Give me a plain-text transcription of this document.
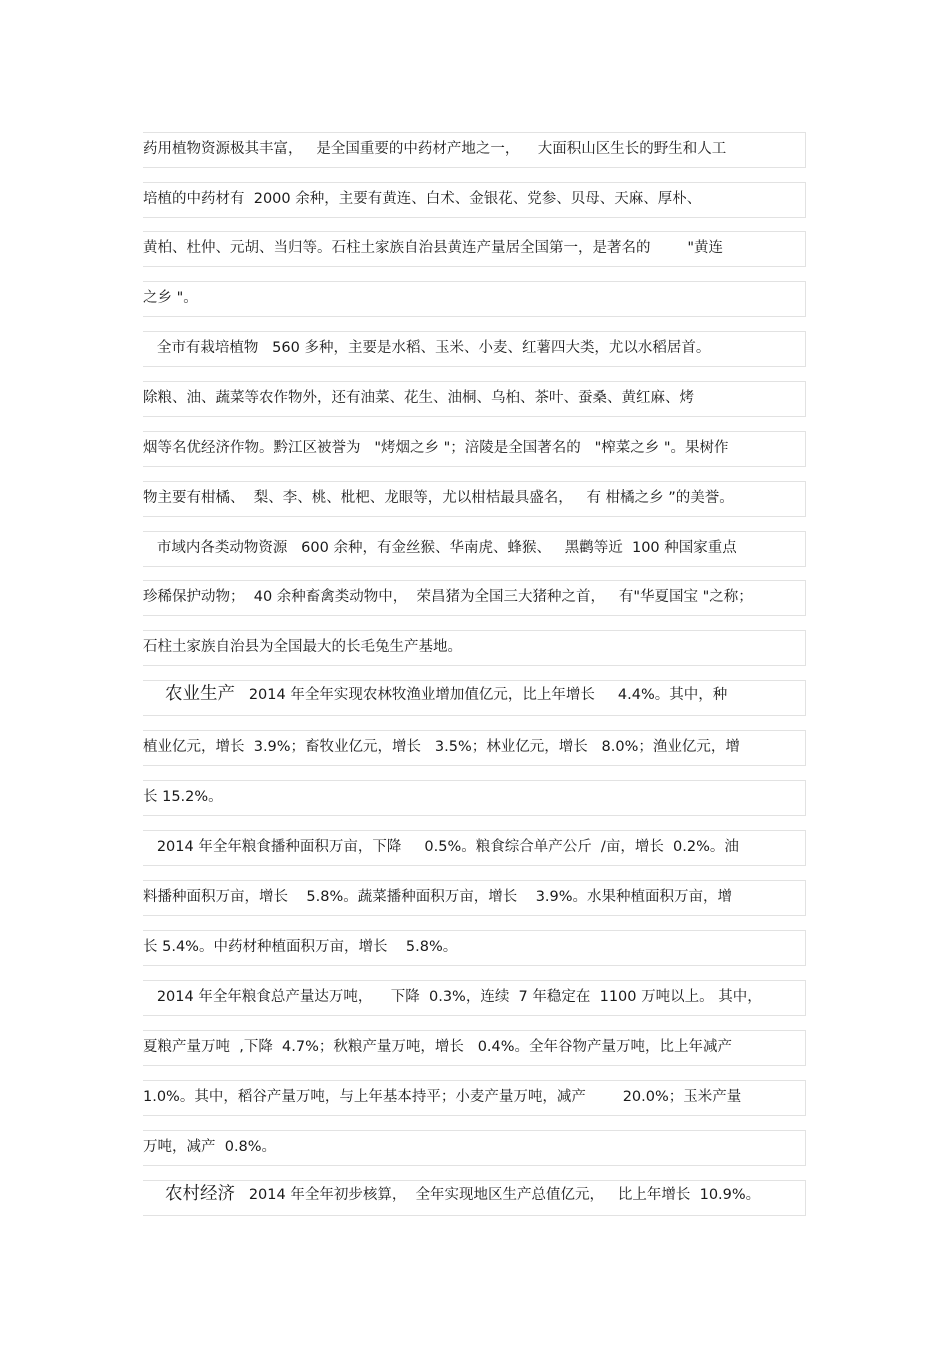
药用植物资源极其丰富，   是全国重要的中药材产地之一，    大面积山区生长的野生和人工
培植的中药材有  2000 余种，主要有黄连、白术、金银花、党参、贝母、天麻、厚朴、
黄柏、杜仲、元胡、当归等。石柱土家族自治县黄连产量居全国第一，是著名的        "黄连
之乡 "。
全市有栽培植物   560 多种，主要是水稻、玉米、小麦、红薯四大类，尤以水稻居首。
除粮、油、蔬菜等农作物外，还有油菜、花生、油桐、乌桕、茶叶、蚕桑、黄红麻、烤
烟等名优经济作物。黔江区被誉为   "烤烟之乡 "；涪陵是全国著名的   "榨菜之乡 "。果树作
物主要有柑橘、  梨、李、桃、枇杷、龙眼等，尤以柑桔最具盛名，   有 柑橘之乡 ”的美誉。
市域内各类动物资源   600 余种，有金丝猴、华南虎、蜂猴、   黑鹳等近  100 种国家重点
珍稀保护动物；  40 余种畜禽类动物中，  荣昌猪为全国三大猪种之首，   有"华夏国宝 "之称；
石柱土家族自治县为全国最大的长毛兔生产基地。
农业生产   2014 年全年实现农林牧渔业增加值亿元，比上年增长     4.4%。其中，种
植业亿元，增长  3.9%；畜牧业亿元，增长   3.5%；林业亿元，增长   8.0%；渔业亿元，增
长 15.2%。
2014 年全年粮食播种面积万亩，下降     0.5%。粮食综合单产公斤  /亩，增长  0.2%。油
料播种面积万亩，增长    5.8%。蔬菜播种面积万亩，增长    3.9%。水果种植面积万亩，增
长 5.4%。中药材种植面积万亩，增长    5.8%。
2014 年全年粮食总产量达万吨，    下降  0.3%，连续  7 年稳定在  1100 万吨以上。 其中，
夏粮产量万吨  ,下降  4.7%；秋粮产量万吨，增长   0.4%。全年谷物产量万吨，比上年减产
1.0%。其中，稻谷产量万吨，与上年基本持平；小麦产量万吨，减产        20.0%；玉米产量
万吨，减产  0.8%。
农村经济   2014 年全年初步核算，  全年实现地区生产总值亿元，   比上年增长  10.9%。
